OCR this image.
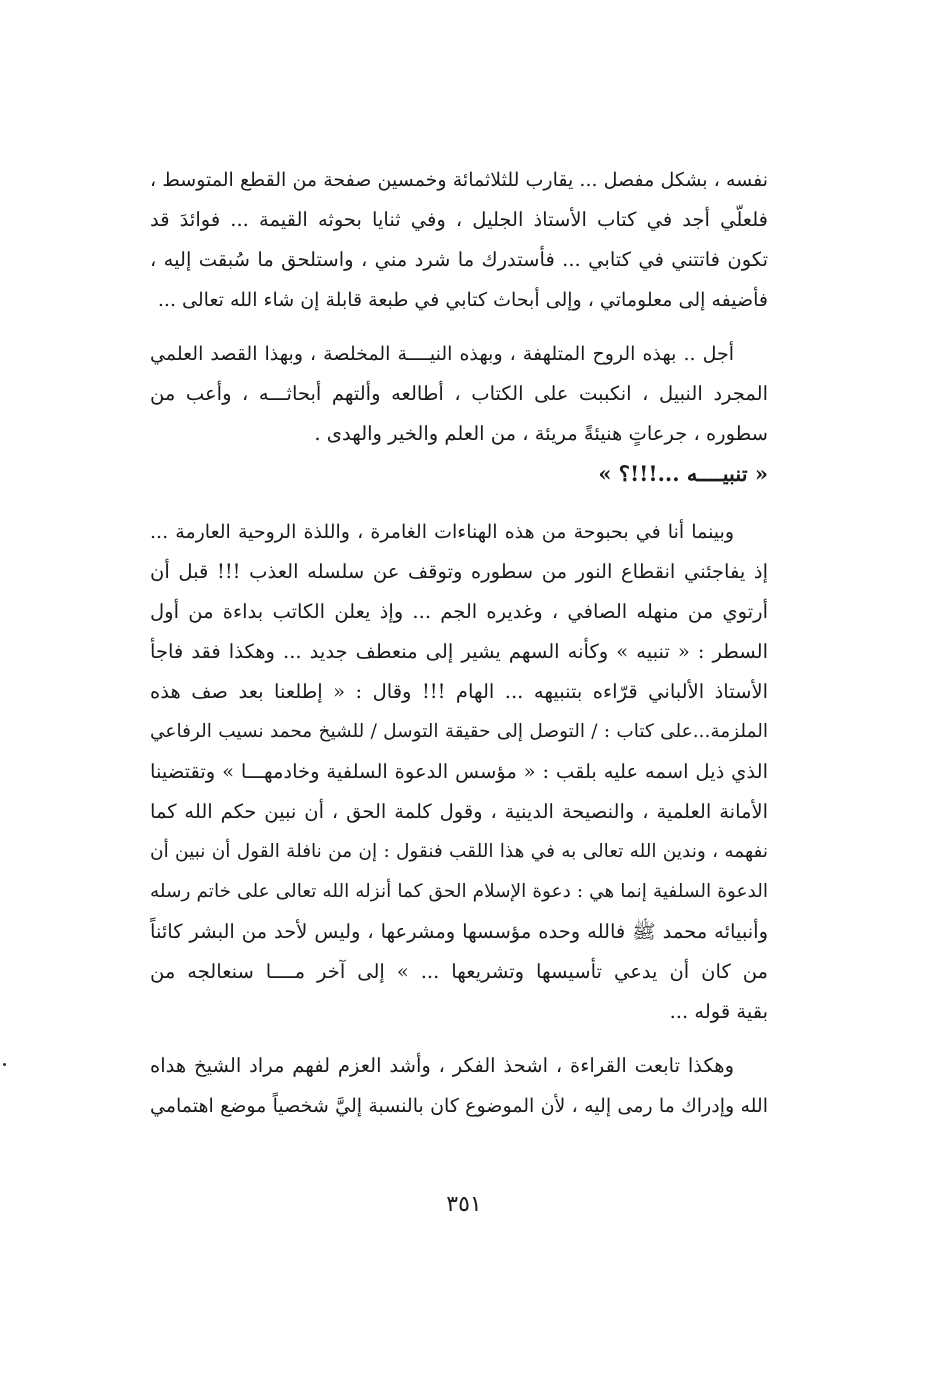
نفسه ، بشكل مفصل ... يقارب للثلاثمائة وخمسين صفحة من القطع المتوسط ،
فلعلّي أجد في كتاب الأستاذ الجليل ، وفي ثنايا بحوثه القيمة ... فوائدَ قد
تكون فاتتني في كتابي ... فأستدرك ما شرد مني ، واستلحق ما سُبقت إليه ،
فأضيفه إلى معلوماتي ، وإلى أبحاث كتابي في طبعة قابلة إن شاء الله تعالى ...

أجل .. بهذه الروح المتلهفة ، وبهذه النيــــة المخلصة ، وبهذا القصد العلمي
المجرد النبيل ، انكببت على الكتاب ، أطالعه وألتهم أبحاثـــه ، وأعب من
سطوره ، جرعاتٍ هنيئةً مريئة ، من العلم والخير والهدى .

« تنبيــــه ...!!!؟ »

وبينما أنا في بحبوحة من هذه الهناءات الغامرة ، واللذة الروحية العارمة ...
إذ يفاجئني انقطاع النور من سطوره وتوقف عن سلسله العذب !!! قبل أن
أرتوي من منهله الصافي ، وغديره الجم ... وإذ يعلن الكاتب بداءة من أول
السطر : « تنبيه » وكأنه السهم يشير إلى منعطف جديد ... وهكذا فقد فاجأ
الأستاذ الألباني قرّاءه بتنبيهه ... الهام !!! وقال : « إطلعنا بعد صف هذه
الملزمة...على كتاب : / التوصل إلى حقيقة التوسل / للشيخ محمد نسيب الرفاعي
الذي ذيل اسمه عليه بلقب : « مؤسس الدعوة السلفية وخادمهـــا » وتقتضينا
الأمانة العلمية ، والنصيحة الدينية ، وقول كلمة الحق ، أن نبين حكم الله كما
نفهمه ، وندين الله تعالى به في هذا اللقب فنقول : إن من نافلة القول أن نبين أن
الدعوة السلفية إنما هي : دعوة الإسلام الحق كما أنزله الله تعالى على خاتم رسله
وأنبيائه محمد ﷺ فالله وحده مؤسسها ومشرعها ، وليس لأحد من البشر كائناً
من كان أن يدعي تأسيسها وتشريعها ... » إلى آخر مــــا سنعالجه من
بقية قوله ...

وهكذا تابعت القراءة ، اشحذ الفكر ، وأشد العزم لفهم مراد الشيخ هداه
الله وإدراك ما رمى إليه ، لأن الموضوع كان بالنسبة إليَّ شخصياً موضع اهتمامي

٣٥١
